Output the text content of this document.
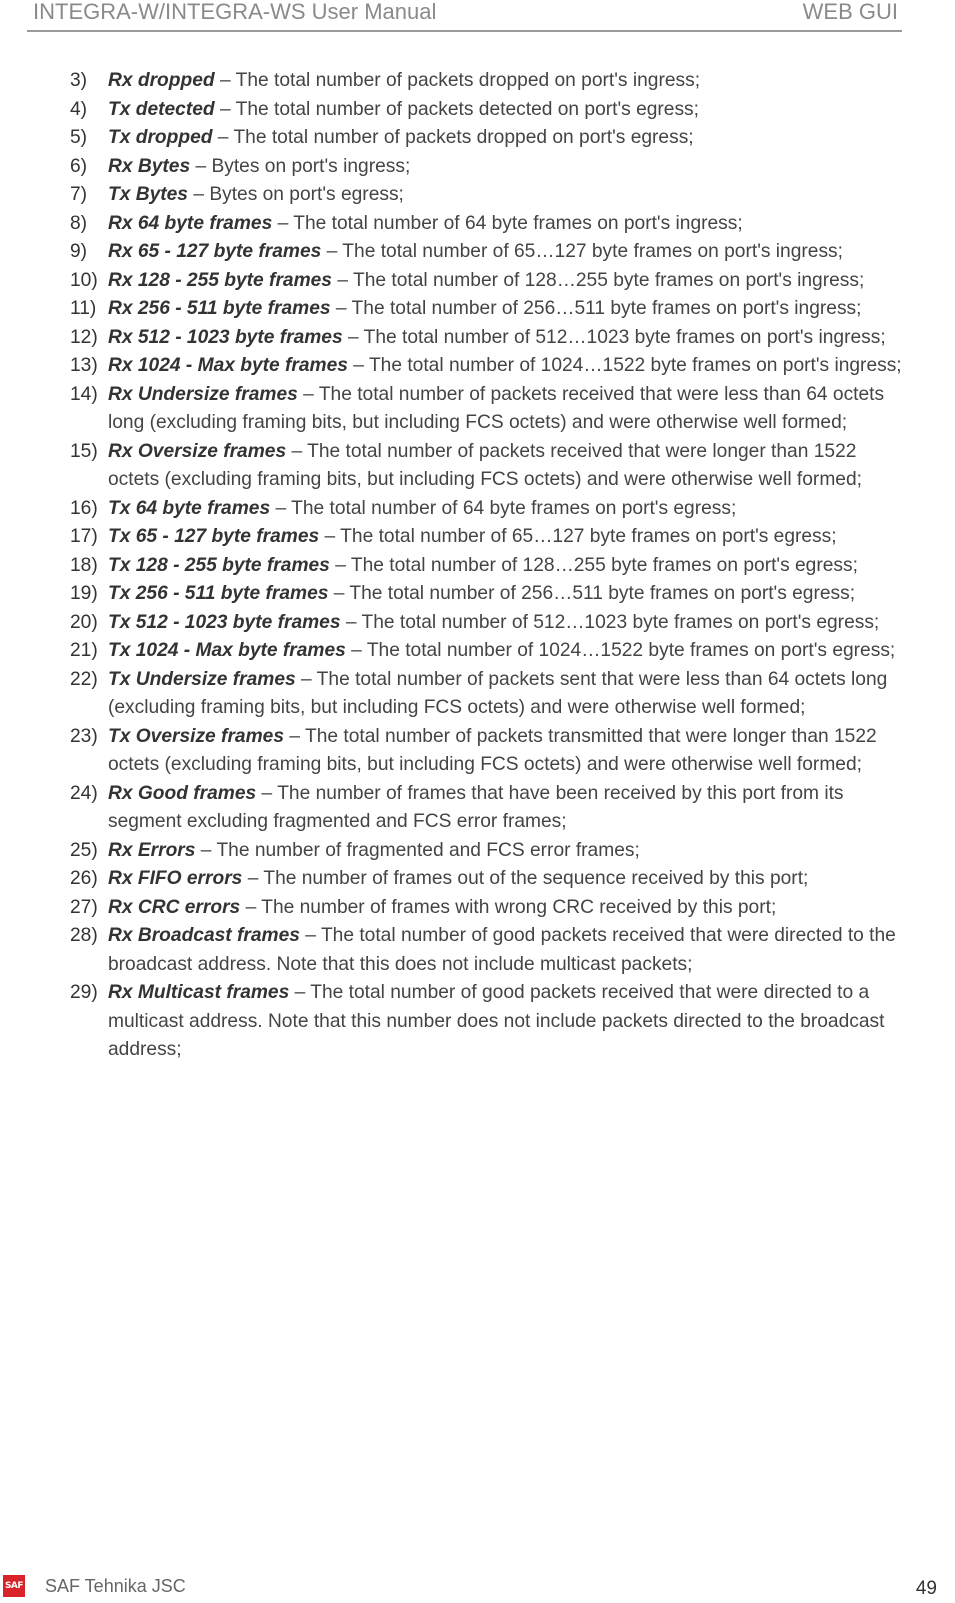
INTEGRA-W/INTEGRA-WS User Manual	WEB GUI
3) Rx dropped – The total number of packets dropped on port's ingress;
4) Tx detected – The total number of packets detected on port's egress;
5) Tx dropped – The total number of packets dropped on port's egress;
6) Rx Bytes – Bytes on port's ingress;
7) Tx Bytes – Bytes on port's egress;
8) Rx 64 byte frames – The total number of 64 byte frames on port's ingress;
9) Rx 65 - 127 byte frames – The total number of 65…127 byte frames on port's ingress;
10) Rx 128 - 255 byte frames – The total number of 128…255 byte frames on port's ingress;
11) Rx 256 - 511 byte frames – The total number of 256…511 byte frames on port's ingress;
12) Rx 512 - 1023 byte frames – The total number of 512…1023 byte frames on port's ingress;
13) Rx 1024 - Max byte frames – The total number of 1024…1522 byte frames on port's ingress;
14) Rx Undersize frames – The total number of packets received that were less than 64 octets long (excluding framing bits, but including FCS octets) and were otherwise well formed;
15) Rx Oversize frames – The total number of packets received that were longer than 1522 octets (excluding framing bits, but including FCS octets) and were otherwise well formed;
16) Tx 64 byte frames – The total number of 64 byte frames on port's egress;
17) Tx 65 - 127 byte frames – The total number of 65…127 byte frames on port's egress;
18) Tx 128 - 255 byte frames – The total number of 128…255 byte frames on port's egress;
19) Tx 256 - 511 byte frames – The total number of 256…511 byte frames on port's egress;
20) Tx 512 - 1023 byte frames – The total number of 512…1023 byte frames on port's egress;
21) Tx 1024 - Max byte frames – The total number of 1024…1522 byte frames on port's egress;
22) Tx Undersize frames – The total number of packets sent that were less than 64 octets long (excluding framing bits, but including FCS octets) and were otherwise well formed;
23) Tx Oversize frames – The total number of packets transmitted that were longer than 1522 octets (excluding framing bits, but including FCS octets) and were otherwise well formed;
24) Rx Good frames – The number of frames that have been received by this port from its segment excluding fragmented and FCS error frames;
25) Rx Errors – The number of fragmented and FCS error frames;
26) Rx FIFO errors – The number of frames out of the sequence received by this port;
27) Rx CRC errors – The number of frames with wrong CRC received by this port;
28) Rx Broadcast frames – The total number of good packets received that were directed to the broadcast address. Note that this does not include multicast packets;
29) Rx Multicast frames – The total number of good packets received that were directed to a multicast address. Note that this number does not include packets directed to the broadcast address;
SAF SAF Tehnika JSC	49
